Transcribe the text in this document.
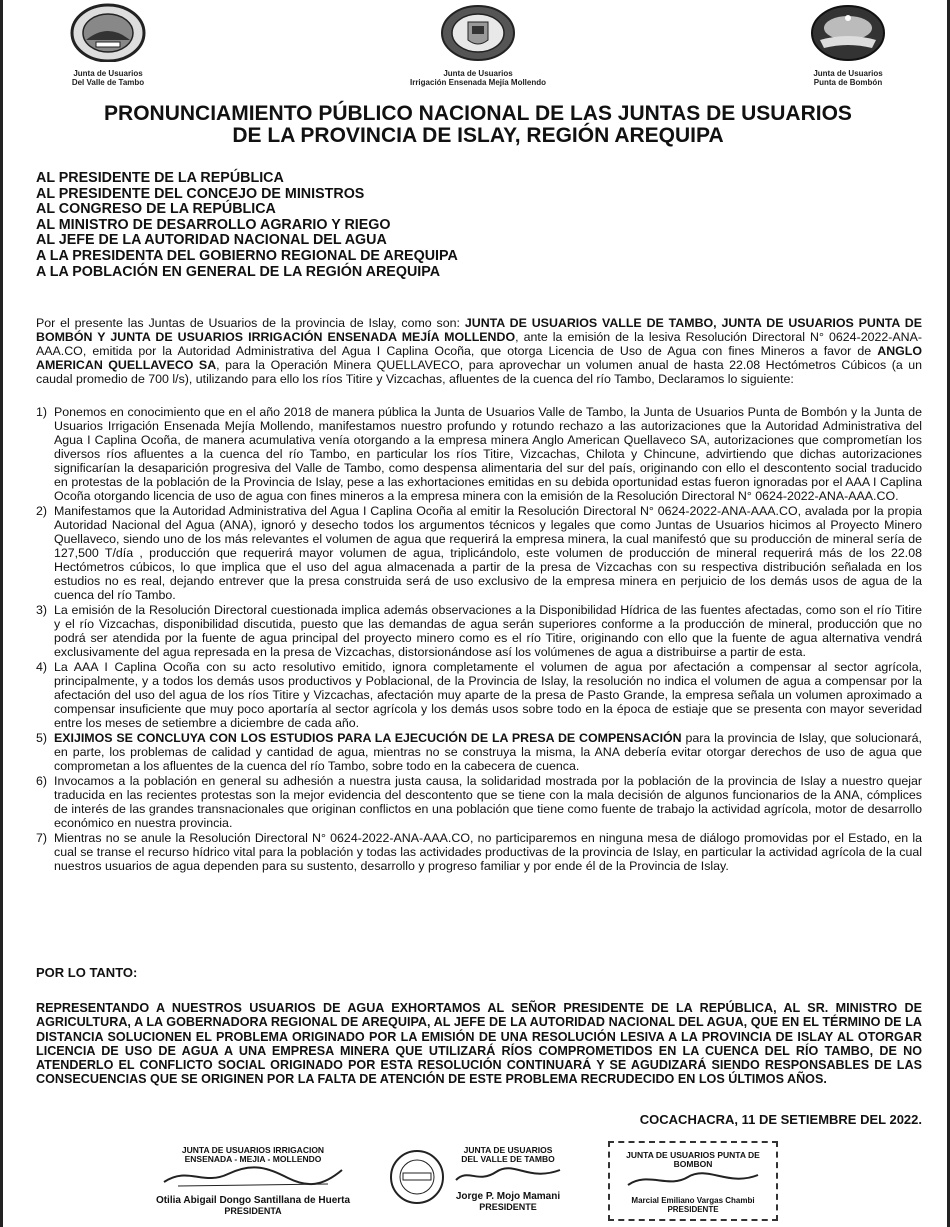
Junta de Usuarios
Del Valle de Tambo
Junta de Usuarios
Irrigación Ensenada Mejía Mollendo
Junta de Usuarios
Punta de Bombón
PRONUNCIAMIENTO PÚBLICO NACIONAL DE LAS JUNTAS DE USUARIOS
DE LA PROVINCIA DE ISLAY, REGIÓN AREQUIPA
AL PRESIDENTE DE LA REPÚBLICA
AL PRESIDENTE DEL CONCEJO DE MINISTROS
AL CONGRESO DE LA REPÚBLICA
AL MINISTRO DE DESARROLLO AGRARIO Y RIEGO
AL JEFE DE LA AUTORIDAD NACIONAL DEL AGUA
A LA PRESIDENTA DEL GOBIERNO REGIONAL DE AREQUIPA
A LA POBLACIÓN EN GENERAL DE LA REGIÓN AREQUIPA
Por el presente las Juntas de Usuarios de la provincia de Islay, como son: JUNTA DE USUARIOS VALLE DE TAMBO, JUNTA DE USUARIOS PUNTA DE BOMBÓN Y JUNTA DE USUARIOS IRRIGACIÓN ENSENADA MEJÍA MOLLENDO, ante la emisión de la lesiva Resolución Directoral N° 0624-2022-ANA-AAA.CO, emitida por la Autoridad Administrativa del Agua I Caplina Ocoña, que otorga Licencia de Uso de Agua con fines Mineros a favor de ANGLO AMERICAN QUELLAVECO SA, para la Operación Minera QUELLAVECO, para aprovechar un volumen anual de hasta 22.08 Hectómetros Cúbicos (a un caudal promedio de 700 l/s), utilizando para ello los ríos Titire y Vizcachas, afluentes de la cuenca del río Tambo, Declaramos lo siguiente:
1) Ponemos en conocimiento que en el año 2018 de manera pública la Junta de Usuarios Valle de Tambo, la Junta de Usuarios Punta de Bombón y la Junta de Usuarios Irrigación Ensenada Mejía Mollendo, manifestamos nuestro profundo y rotundo rechazo a las autorizaciones que la Autoridad Administrativa del Agua I Caplina Ocoña, de manera acumulativa venía otorgando a la empresa minera Anglo American Quellaveco SA, autorizaciones que comprometían los diversos ríos afluentes a la cuenca del río Tambo, en particular los ríos Titire, Vizcachas, Chilota y Chincune, advirtiendo que dichas autorizaciones significarían la desaparición progresiva del Valle de Tambo, como despensa alimentaria del sur del país, originando con ello el descontento social traducido en protestas de la población de la Provincia de Islay, pese a las exhortaciones emitidas en su debida oportunidad estas fueron ignoradas por el AAA I Caplina Ocoña otorgando licencia de uso de agua con fines mineros a la empresa minera con la emisión de la Resolución Directoral N° 0624-2022-ANA-AAA.CO.
2) Manifestamos que la Autoridad Administrativa del Agua I Caplina Ocoña al emitir la Resolución Directoral N° 0624-2022-ANA-AAA.CO, avalada por la propia Autoridad Nacional del Agua (ANA), ignoró y desecho todos los argumentos técnicos y legales que como Juntas de Usuarios hicimos al Proyecto Minero Quellaveco, siendo uno de los más relevantes el volumen de agua que requerirá la empresa minera, la cual manifestó que su producción de mineral sería de 127,500 T/día , producción que requerirá mayor volumen de agua, triplicándolo, este volumen de producción de mineral requerirá más de los 22.08 Hectómetros cúbicos, lo que implica que el uso del agua almacenada a partir de la presa de Vizcachas con su respectiva distribución señalada en los estudios no es real, dejando entrever que la presa construida será de uso exclusivo de la empresa minera en perjuicio de los demás usos de agua de la cuenca del río Tambo.
3) La emisión de la Resolución Directoral cuestionada implica además observaciones a la Disponibilidad Hídrica de las fuentes afectadas, como son el río Titire y el río Vizcachas, disponibilidad discutida, puesto que las demandas de agua serán superiores conforme a la producción de mineral, producción que no podrá ser atendida por la fuente de agua principal del proyecto minero como es el río Titire, originando con ello que la fuente de agua alternativa vendrá exclusivamente del agua represada en la presa de Vizcachas, distorsionándose así los volúmenes de agua a distribuirse a partir de esta.
4) La AAA I Caplina Ocoña con su acto resolutivo emitido, ignora completamente el volumen de agua por afectación a compensar al sector agrícola, principalmente, y a todos los demás usos productivos y Poblacional, de la Provincia de Islay, la resolución no indica el volumen de agua a compensar por la afectación del uso del agua de los ríos Titire y Vizcachas, afectación muy aparte de la presa de Pasto Grande, la empresa señala un volumen aproximado a compensar insuficiente que muy poco aportaría al sector agrícola y los demás usos sobre todo en la época de estiaje que se presenta con mayor severidad entre los meses de setiembre a diciembre de cada año.
5) EXIJIMOS SE CONCLUYA CON LOS ESTUDIOS PARA LA EJECUCIÓN DE LA PRESA DE COMPENSACIÓN para la provincia de Islay, que solucionará, en parte, los problemas de calidad y cantidad de agua, mientras no se construya la misma, la ANA debería evitar otorgar derechos de uso de agua que comprometan a los afluentes de la cuenca del río Tambo, sobre todo en la cabecera de cuenca.
6) Invocamos a la población en general su adhesión a nuestra justa causa, la solidaridad mostrada por la población de la provincia de Islay a nuestro quejar traducida en las recientes protestas son la mejor evidencia del descontento que se tiene con la mala decisión de algunos funcionarios de la ANA, cómplices de interés de las grandes transnacionales que originan conflictos en una población que tiene como fuente de trabajo la actividad agrícola, motor de desarrollo económico en nuestra provincia.
7) Mientras no se anule la Resolución Directoral N° 0624-2022-ANA-AAA.CO, no participaremos en ninguna mesa de diálogo promovidas por el Estado, en la cual se transe el recurso hídrico vital para la población y todas las actividades productivas de la provincia de Islay, en particular la actividad agrícola de la cual nuestros usuarios de agua dependen para su sustento, desarrollo y progreso familiar y por ende él de la Provincia de Islay.
POR LO TANTO:
REPRESENTANDO A NUESTROS USUARIOS DE AGUA EXHORTAMOS AL SEÑOR PRESIDENTE DE LA REPÚBLICA, AL SR. MINISTRO DE AGRICULTURA, A LA GOBERNADORA REGIONAL DE AREQUIPA, AL JEFE DE LA AUTORIDAD NACIONAL DEL AGUA, QUE EN EL TÉRMINO DE LA DISTANCIA SOLUCIONEN EL PROBLEMA ORIGINADO POR LA EMISIÓN DE UNA RESOLUCIÓN LESIVA A LA PROVINCIA DE ISLAY AL OTORGAR LICENCIA DE USO DE AGUA A UNA EMPRESA MINERA QUE UTILIZARÁ RÍOS COMPROMETIDOS EN LA CUENCA DEL RÍO TAMBO, DE NO ATENDERLO EL CONFLICTO SOCIAL ORIGINADO POR ESTA RESOLUCIÓN CONTINUARÁ Y SE AGUDIZARÁ SIENDO RESPONSABLES DE LAS CONSECUENCIAS QUE SE ORIGINEN POR LA FALTA DE ATENCIÓN DE ESTE PROBLEMA RECRUDECIDO EN LOS ÚLTIMOS AÑOS.
COCACHACRA, 11 DE SETIEMBRE DEL 2022.
JUNTA DE USUARIOS IRRIGACION
ENSENADA - MEJIA - MOLLENDO
Otilia Abigail Dongo Santillana de Huerta
PRESIDENTA
JUNTA DE USUARIOS
DEL VALLE DE TAMBO
Jorge P. Mojo Mamani
PRESIDENTE
JUNTA DE USUARIOS PUNTA DE BOMBON
Marcial Emiliano Vargas Chambi
PRESIDENTE
